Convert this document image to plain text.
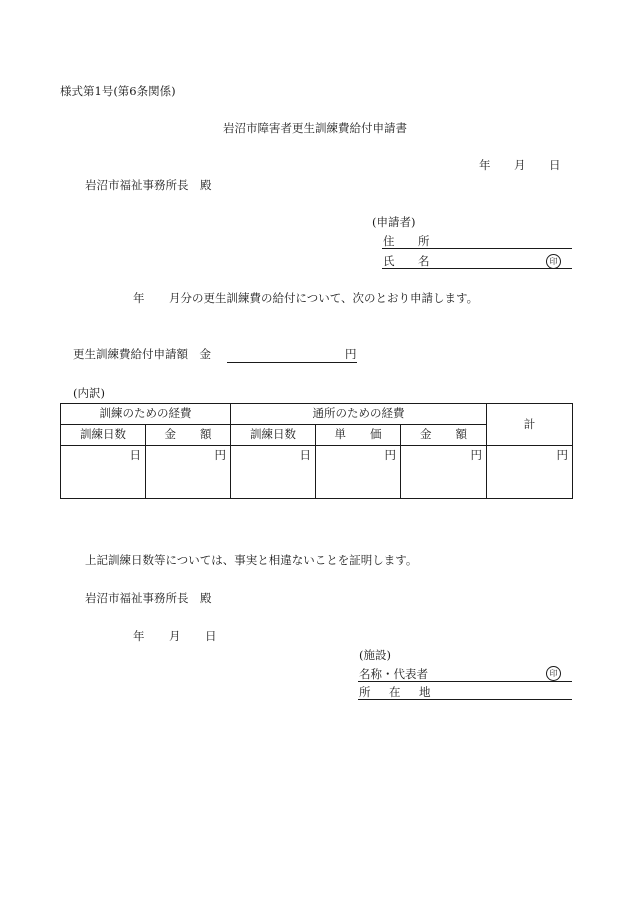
様式第1号(第6条関係)
岩沼市障害者更生訓練費給付申請書
年 月 日
岩沼市福祉事務所長　殿
(申請者)
住 所
氏 名	印
年 月分の更生訓練費の給付について、次のとおり申請します。
更生訓練費給付申請額　金	円
(内訳)
訓練のための経費		通所のための経費			計
訓練日数	金 額	訓練日数	単 価	金 額	
日	円	日	円	円	円
上記訓練日数等については、事実と相違ないことを証明します。
岩沼市福祉事務所長　殿
年 月 日
(施設)
名称・代表者	印
所 在 地
